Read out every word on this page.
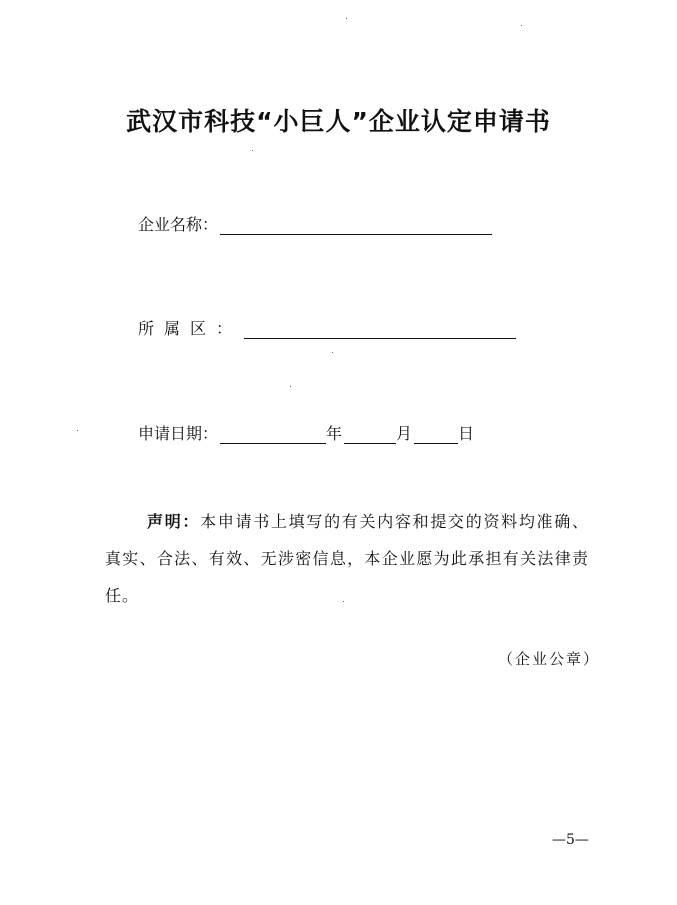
武汉市科技“小巨人”企业认定申请书
企业名称：
所属区：
申请日期：	年	月	日
声明：本申请书上填写的有关内容和提交的资料均准确、真实、合法、有效、无涉密信息，本企业愿为此承担有关法律责任。
（企业公章）
—5—
